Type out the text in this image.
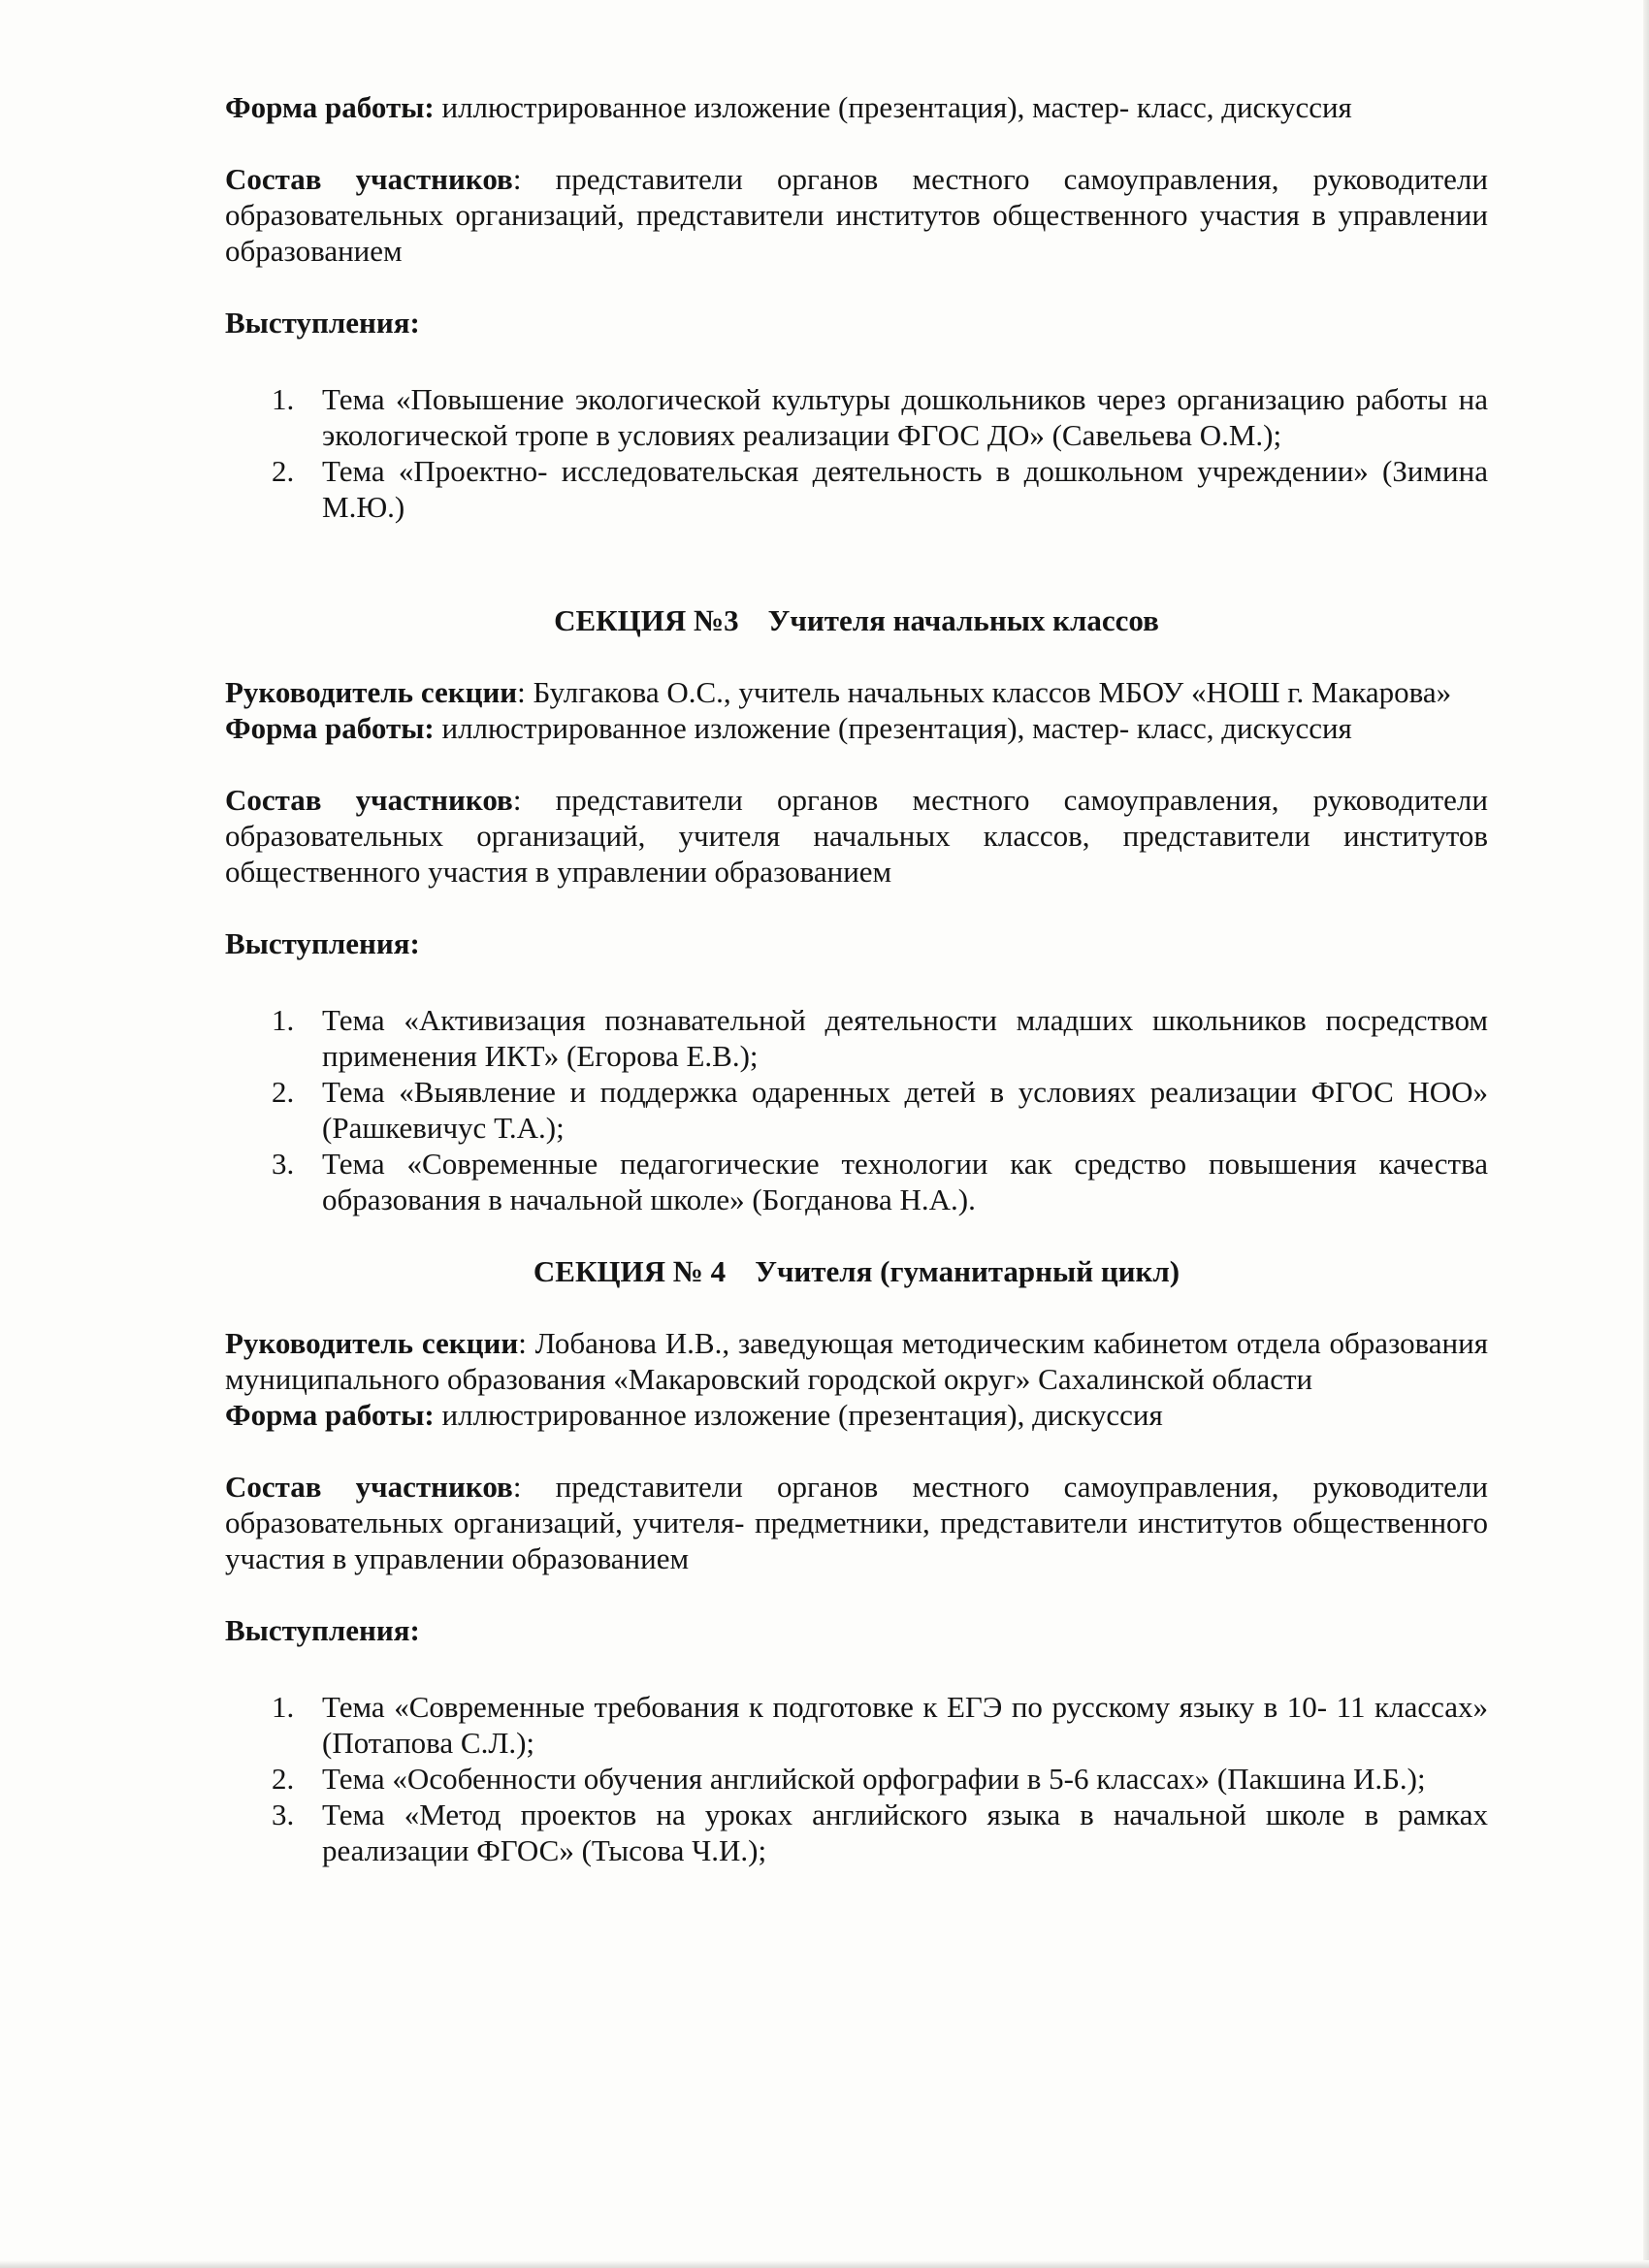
Форма работы: иллюстрированное изложение (презентация), мастер- класс, дискуссия

Состав участников: представители органов местного самоуправления, руководители образовательных организаций, представители институтов общественного участия в управлении образованием

Выступления:

1. Тема «Повышение экологической культуры дошкольников через организацию работы на экологической тропе в условиях реализации ФГОС ДО» (Савельева О.М.);
2. Тема «Проектно- исследовательская деятельность в дошкольном учреждении» (Зимина М.Ю.)
СЕКЦИЯ №3 Учителя начальных классов

Руководитель секции: Булгакова О.С., учитель начальных классов МБОУ «НОШ г. Макарова»

Форма работы: иллюстрированное изложение (презентация), мастер- класс, дискуссия

Состав участников: представители органов местного самоуправления, руководители образовательных организаций, учителя начальных классов, представители институтов общественного участия в управлении образованием

Выступления:

1. Тема «Активизация познавательной деятельности младших школьников посредством применения ИКТ» (Егорова Е.В.);
2. Тема «Выявление и поддержка одаренных детей в условиях реализации ФГОС НОО» (Рашкевичус Т.А.);
3. Тема «Современные педагогические технологии как средство повышения качества образования в начальной школе» (Богданова Н.А.).
СЕКЦИЯ № 4 Учителя (гуманитарный цикл)

Руководитель секции: Лобанова И.В., заведующая методическим кабинетом отдела образования муниципального образования «Макаровский городской округ» Сахалинской области

Форма работы: иллюстрированное изложение (презентация), дискуссия

Состав участников: представители органов местного самоуправления, руководители образовательных организаций, учителя- предметники, представители институтов общественного участия в управлении образованием

Выступления:

1. Тема «Современные требования к подготовке к ЕГЭ по русскому языку в 10- 11 классах» (Потапова С.Л.);
2. Тема «Особенности обучения английской орфографии в 5-6 классах» (Пакшина И.Б.);
3. Тема «Метод проектов на уроках английского языка в начальной школе в рамках реализации ФГОС» (Тысова Ч.И.);
